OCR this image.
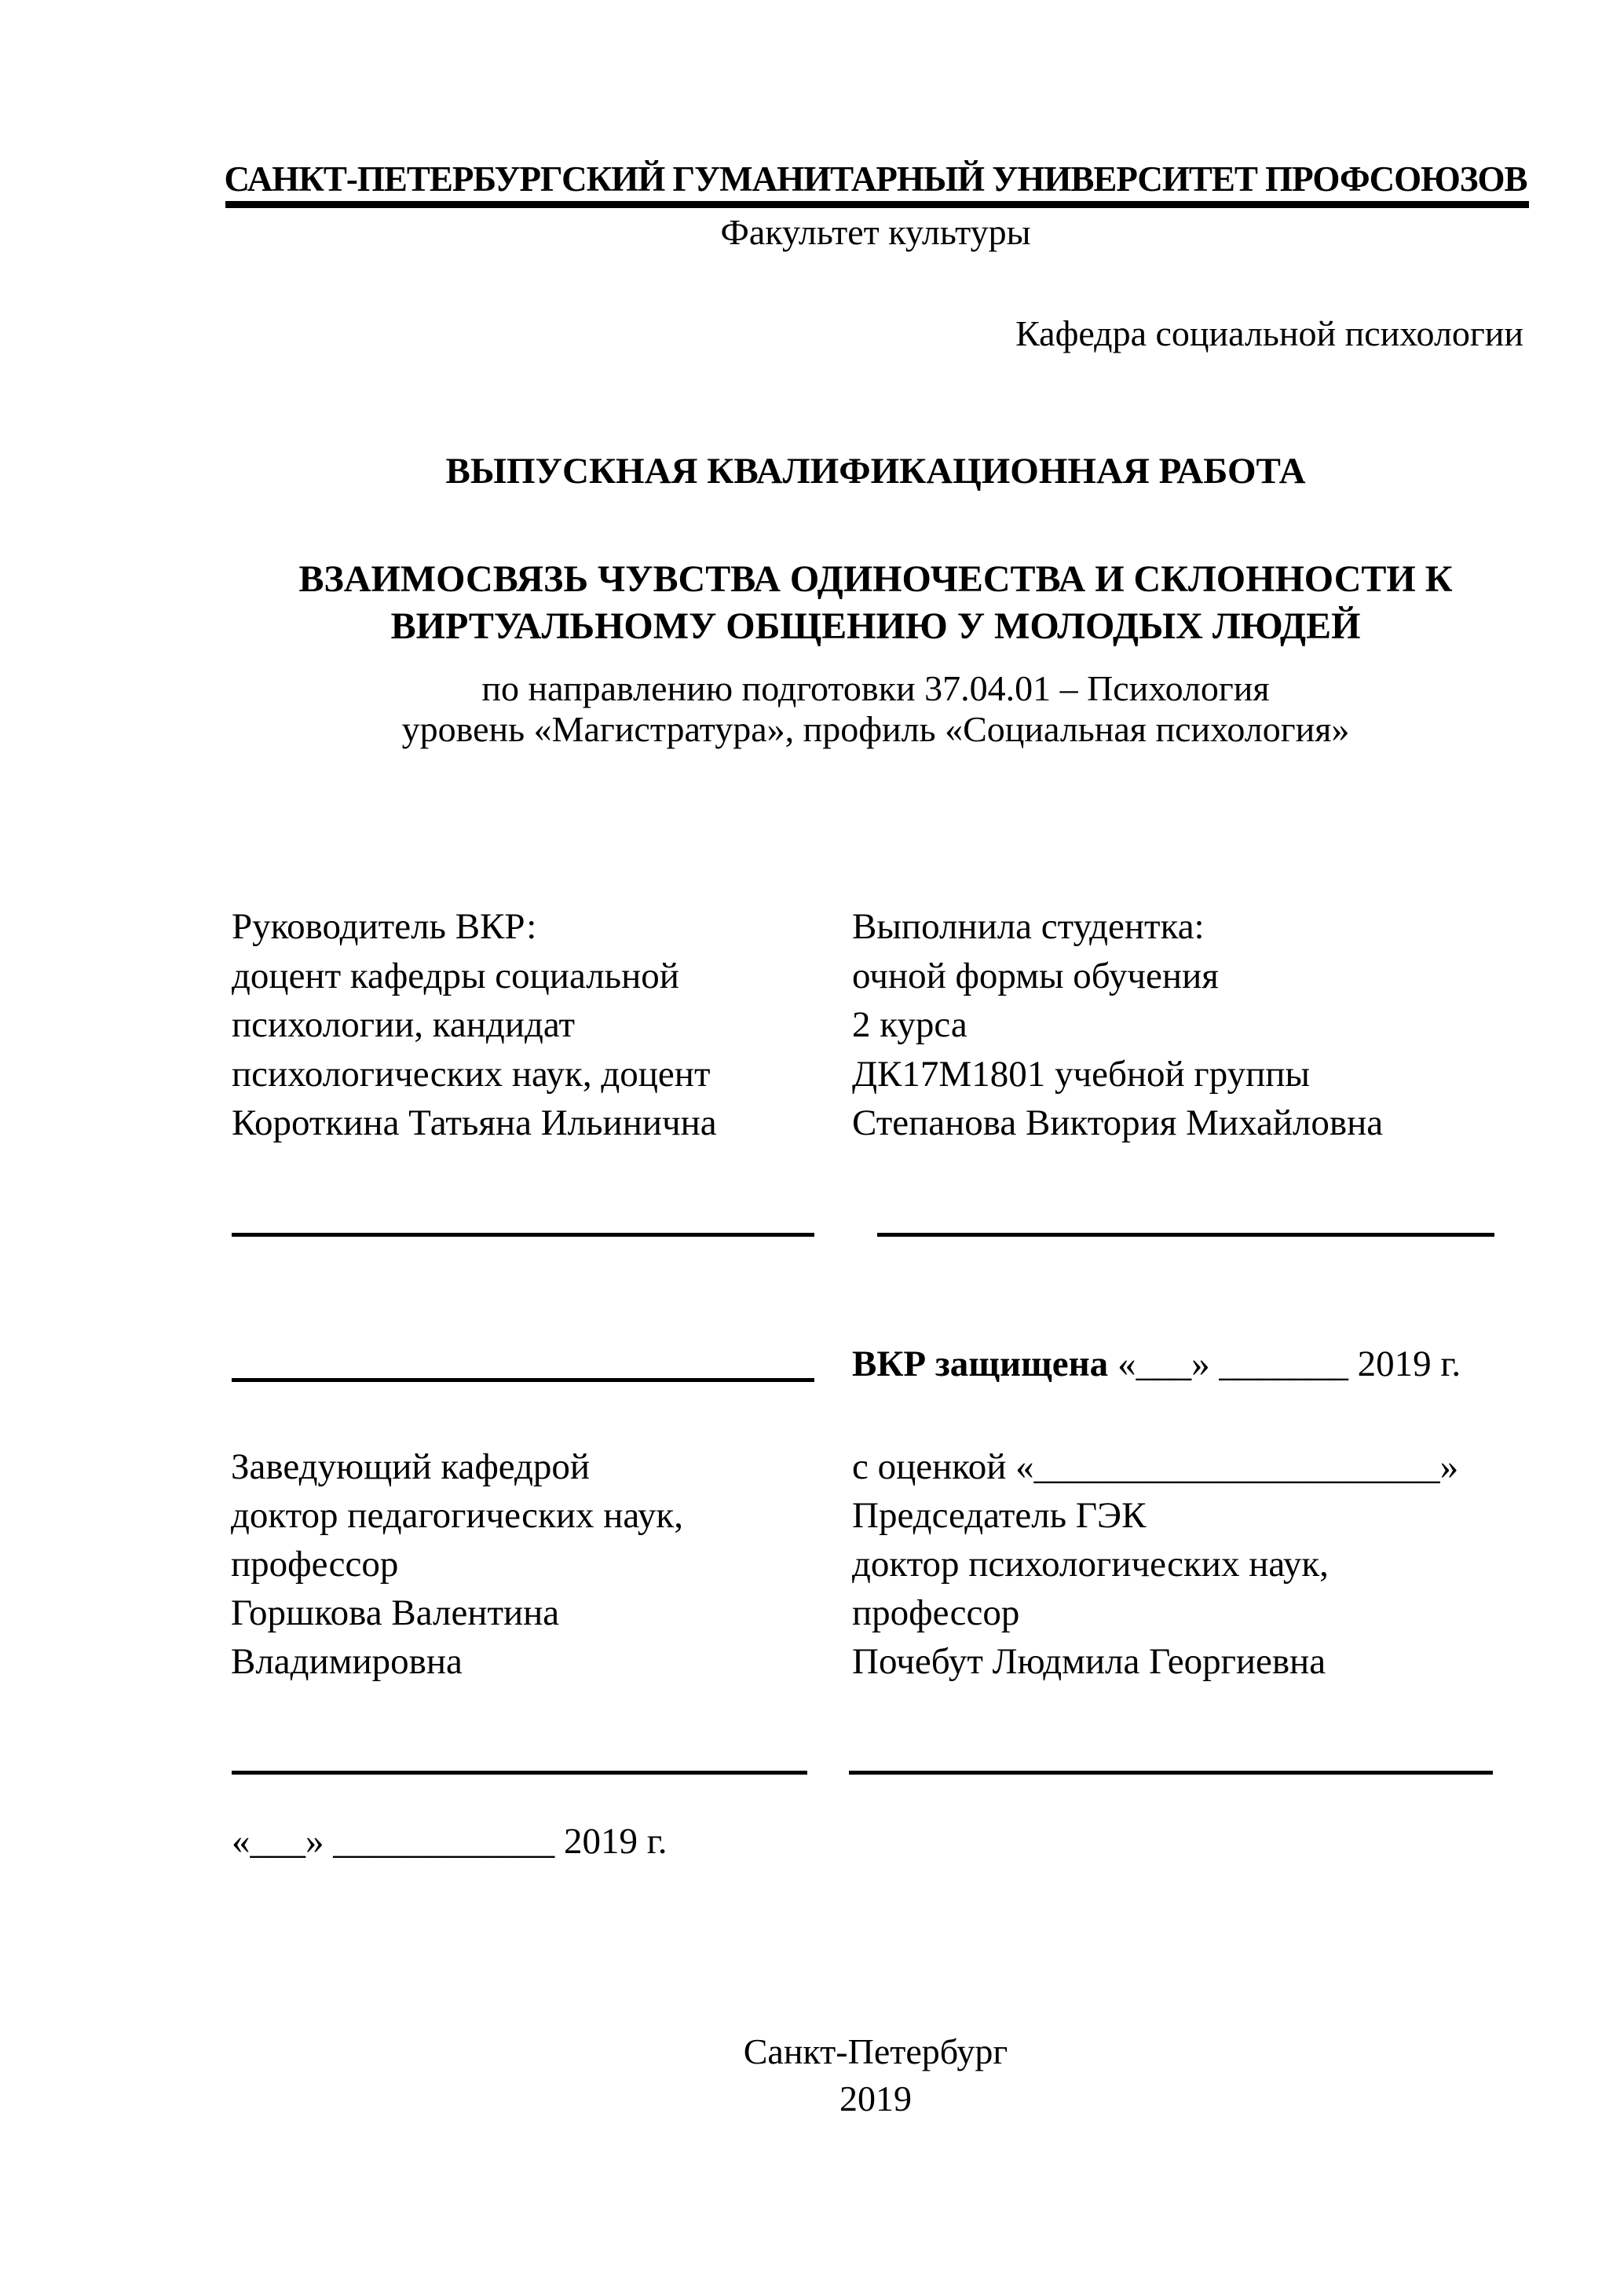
САНКТ-ПЕТЕРБУРГСКИЙ ГУМАНИТАРНЫЙ УНИВЕРСИТЕТ ПРОФСОЮЗОВ
Факультет культуры
Кафедра социальной психологии
ВЫПУСКНАЯ КВАЛИФИКАЦИОННАЯ РАБОТА
ВЗАИМОСВЯЗЬ ЧУВСТВА ОДИНОЧЕСТВА И СКЛОННОСТИ К
ВИРТУАЛЬНОМУ ОБЩЕНИЮ У МОЛОДЫХ ЛЮДЕЙ
по направлению подготовки 37.04.01 – Психология
уровень «Магистратура», профиль «Социальная психология»
Руководитель ВКР:
доцент кафедры социальной
психологии, кандидат
психологических наук, доцент
Короткина Татьяна Ильинична
Выполнила студентка:
очной формы обучения
2 курса
ДК17М1801 учебной группы
Степанова Виктория Михайловна
ВКР защищена «___» _______ 2019 г.
Заведующий кафедрой
доктор педагогических наук,
профессор
Горшкова Валентина
Владимировна
с оценкой «______________________»
Председатель ГЭК
доктор психологических наук,
профессор
Почебут Людмила Георгиевна
«___» ____________ 2019 г.
Санкт-Петербург
2019
